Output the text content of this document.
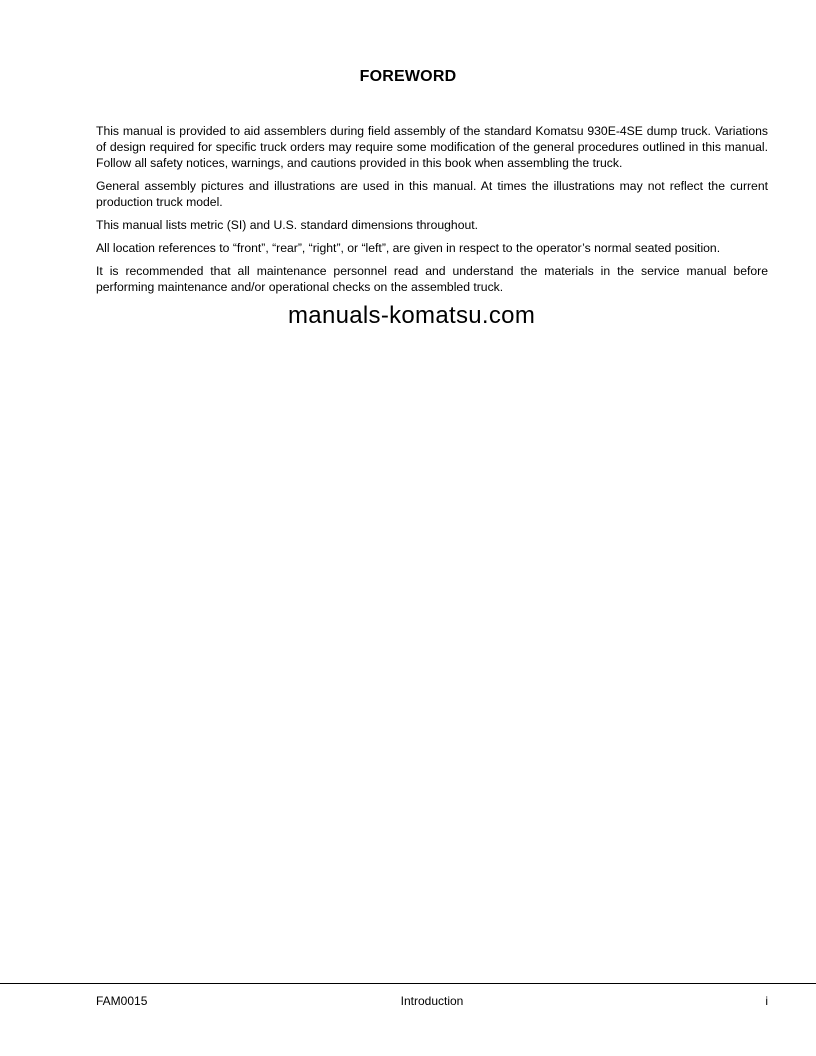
FOREWORD

This manual is provided to aid assemblers during field assembly of the standard Komatsu 930E-4SE dump truck. Variations of design required for specific truck orders may require some modification of the general procedures outlined in this manual. Follow all safety notices, warnings, and cautions provided in this book when assembling the truck.

General assembly pictures and illustrations are used in this manual. At times the illustrations may not reflect the current production truck model.

This manual lists metric (SI) and U.S. standard dimensions throughout.

All location references to “front”, “rear”, “right”, or “left”, are given in respect to the operator’s normal seated position.

It is recommended that all maintenance personnel read and understand the materials in the service manual before performing maintenance and/or operational checks on the assembled truck.

manuals-komatsu.com
FAM0015	Introduction	i
